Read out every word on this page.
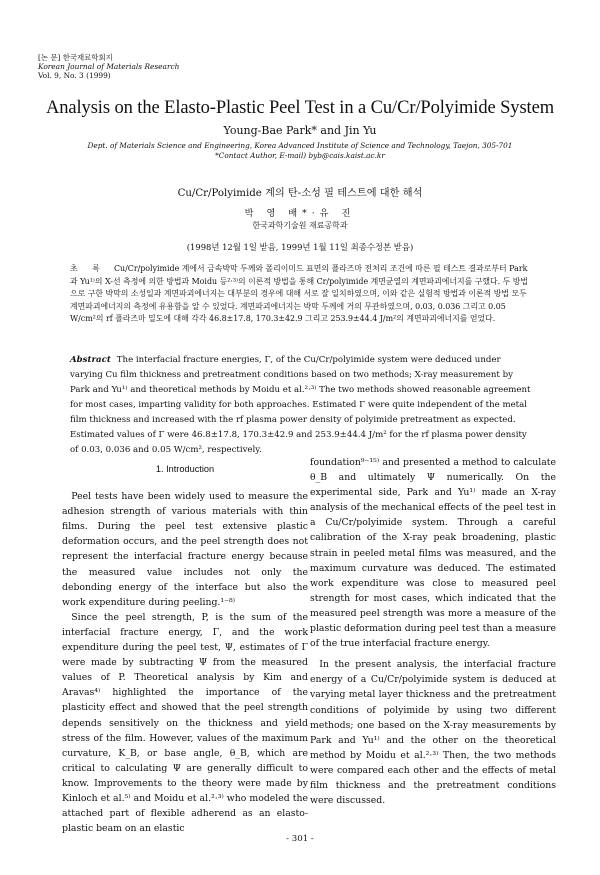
[논 문] 한국재료학회지
Korean Journal of Materials Research
Vol. 9, No. 3 (1999)
Analysis on the Elasto-Plastic Peel Test in a Cu/Cr/Polyimide System
Young-Bae Park* and Jin Yu
Dept. of Materials Science and Engineering, Korea Advanced Institute of Science and Technology, Taejon, 305-701
*Contact Author, E-mail) byb@cais.kaist.ac.kr
Cu/Cr/Polyimide 계의 탄-소성 필 테스트에 대한 해석
박 영 배*·유 진
한국과학기술원 재료공학과
(1998년 12월 1일 받음, 1999년 1월 11일 최종수정본 받음)
초 록 Cu/Cr/polyimide 계에서 금속박막 두께와 폴리이미드 표면의 플라즈마 전처리 조건에 따른 필 테스트 결과로부터 Park과 Yu¹⁾의 X-선 측정에 의한 방법과 Moidu 등²·³⁾의 이론적 방법을 통해 Cr/polyimide 계면균열의 계면파괴에너지를 구했다. 두 방법으로 구한 박막의 소성일과 계면파괴에너지는 대부분의 경우에 대해 서로 잘 일치하였으며, 이와 같은 실험적 방법과 이론적 방법 모두 계면파괴에너지의 측정에 유용함을 알 수 있었다. 계면파괴에너지는 박막 두께에 거의 무관하였으며, 0.03, 0.036 그리고 0.05 W/cm²의 rf 플라즈마 밀도에 대해 각각 46.8±17.8, 170.3±42.9 그리고 253.9±44.4 J/m²의 계면파괴에너지를 얻었다.
Abstract The interfacial fracture energies, Γ, of the Cu/Cr/polyimide system were deduced under varying Cu film thickness and pretreatment conditions based on two methods; X-ray measurement by Park and Yu¹⁾ and theoretical methods by Moidu et al.²·³⁾ The two methods showed reasonable agreement for most cases, imparting validity for both approaches. Estimated Γ were quite independent of the metal film thickness and increased with the rf plasma power density of polyimide pretreatment as expected. Estimated values of Γ were 46.8±17.8, 170.3±42.9 and 253.9±44.4 J/m² for the rf plasma power density of 0.03, 0.036 and 0.05 W/cm², respectively.
1. Introduction

Peel tests have been widely used to measure the adhesion strength of various materials with thin films. During the peel test extensive plastic deformation occurs, and the peel strength does not represent the interfacial fracture energy because the measured value includes not only the debonding energy of the interface but also the work expenditure during peeling.¹⁻⁸⁾

Since the peel strength, P, is the sum of the interfacial fracture energy, Γ, and the work expenditure during the peel test, Ψ, estimates of Γ were made by subtracting Ψ from the measured values of P. Theoretical analysis by Kim and Aravas⁴⁾ highlighted the importance of the plasticity effect and showed that the peel strength depends sensitively on the thickness and yield stress of the film. However, values of the maximum curvature, K_B, or base angle, θ_B, which are critical to calculating Ψ are generally difficult to know. Improvements to the theory were made by Kinloch et al.⁵⁾ and Moidu et al.²·³⁾ who modeled the attached part of flexible adherend as an elasto-plastic beam on an elastic

foundation⁹⁻¹⁵⁾ and presented a method to calculate θ_B and ultimately Ψ numerically. On the experimental side, Park and Yu¹⁾ made an X-ray analysis of the mechanical effects of the peel test in a Cu/Cr/polyimide system. Through a careful calibration of the X-ray peak broadening, plastic strain in peeled metal films was measured, and the maximum curvature was deduced. The estimated work expenditure was close to measured peel strength for most cases, which indicated that the measured peel strength was more a measure of the plastic deformation during peel test than a measure of the true interfacial fracture energy.

In the present analysis, the interfacial fracture energy of a Cu/Cr/polyimide system is deduced at varying metal layer thickness and the pretreatment conditions of polyimide by using two different methods; one based on the X-ray measurements by Park and Yu¹⁾ and the other on the theoretical method by Moidu et al.²·³⁾ Then, the two methods were compared each other and the effects of metal film thickness and the pretreatment conditions were discussed.

- 301 -
